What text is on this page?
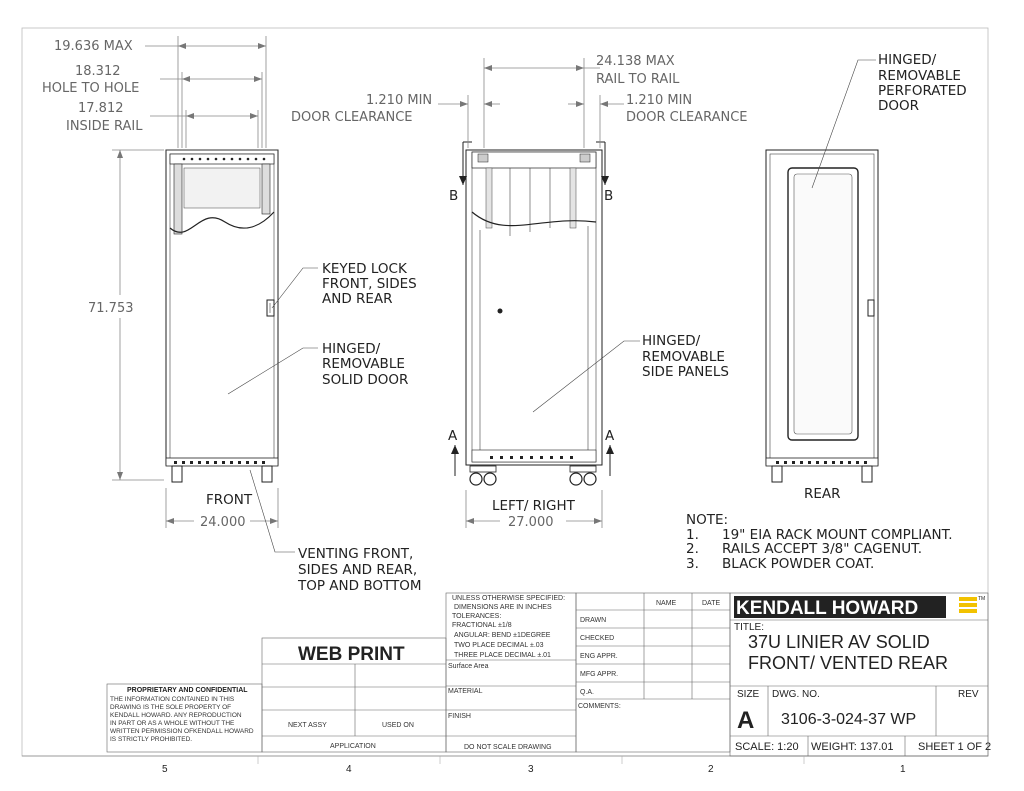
19.636 MAX
18.312
HOLE TO HOLE
17.812
INSIDE RAIL
71.753
24.000
KEYED LOCK
FRONT, SIDES
AND REAR
HINGED/
REMOVABLE
SOLID DOOR
FRONT
VENTING FRONT,
SIDES AND REAR,
TOP AND BOTTOM
B	B
A	A
24.138 MAX
RAIL TO RAIL
1.210 MIN
DOOR CLEARANCE
1.210 MIN
DOOR CLEARANCE
27.000
LEFT/ RIGHT
HINGED/
REMOVABLE
SIDE PANELS
HINGED/
REMOVABLE
PERFORATED
DOOR
REAR
NOTE:
1. 19" EIA RACK MOUNT COMPLIANT.
2. RAILS ACCEPT 3/8" CAGENUT.
3. BLACK POWDER COAT.
PROPRIETARY AND CONFIDENTIAL
THE INFORMATION CONTAINED IN THIS
DRAWING IS THE SOLE PROPERTY OF
KENDALL HOWARD. ANY REPRODUCTION
IN PART OR AS A WHOLE WITHOUT THE
WRITTEN PERMISSION OFKENDALL HOWARD
IS STRICTLY PROHIBITED.
WEB PRINT
NEXT ASSY	USED ON
APPLICATION
UNLESS OTHERWISE SPECIFIED:
DIMENSIONS ARE IN INCHES
TOLERANCES:
FRACTIONAL ±1/8
ANGULAR: BEND ±1DEGREE
TWO PLACE DECIMAL ±.03
THREE PLACE DECIMAL ±.01
Surface Area
MATERIAL
FINISH
DO NOT SCALE DRAWING
NAME	DATE
DRAWN
CHECKED
ENG APPR.
MFG APPR.
Q.A.
COMMENTS:
KENDALL HOWARD	TM
TITLE:
37U LINIER AV SOLID
FRONT/ VENTED REAR
SIZE
A
DWG. NO.
3106-3-024-37 WP
REV
SCALE: 1:20 WEIGHT: 137.01 SHEET 1 OF 2
5	4	3	2	1
